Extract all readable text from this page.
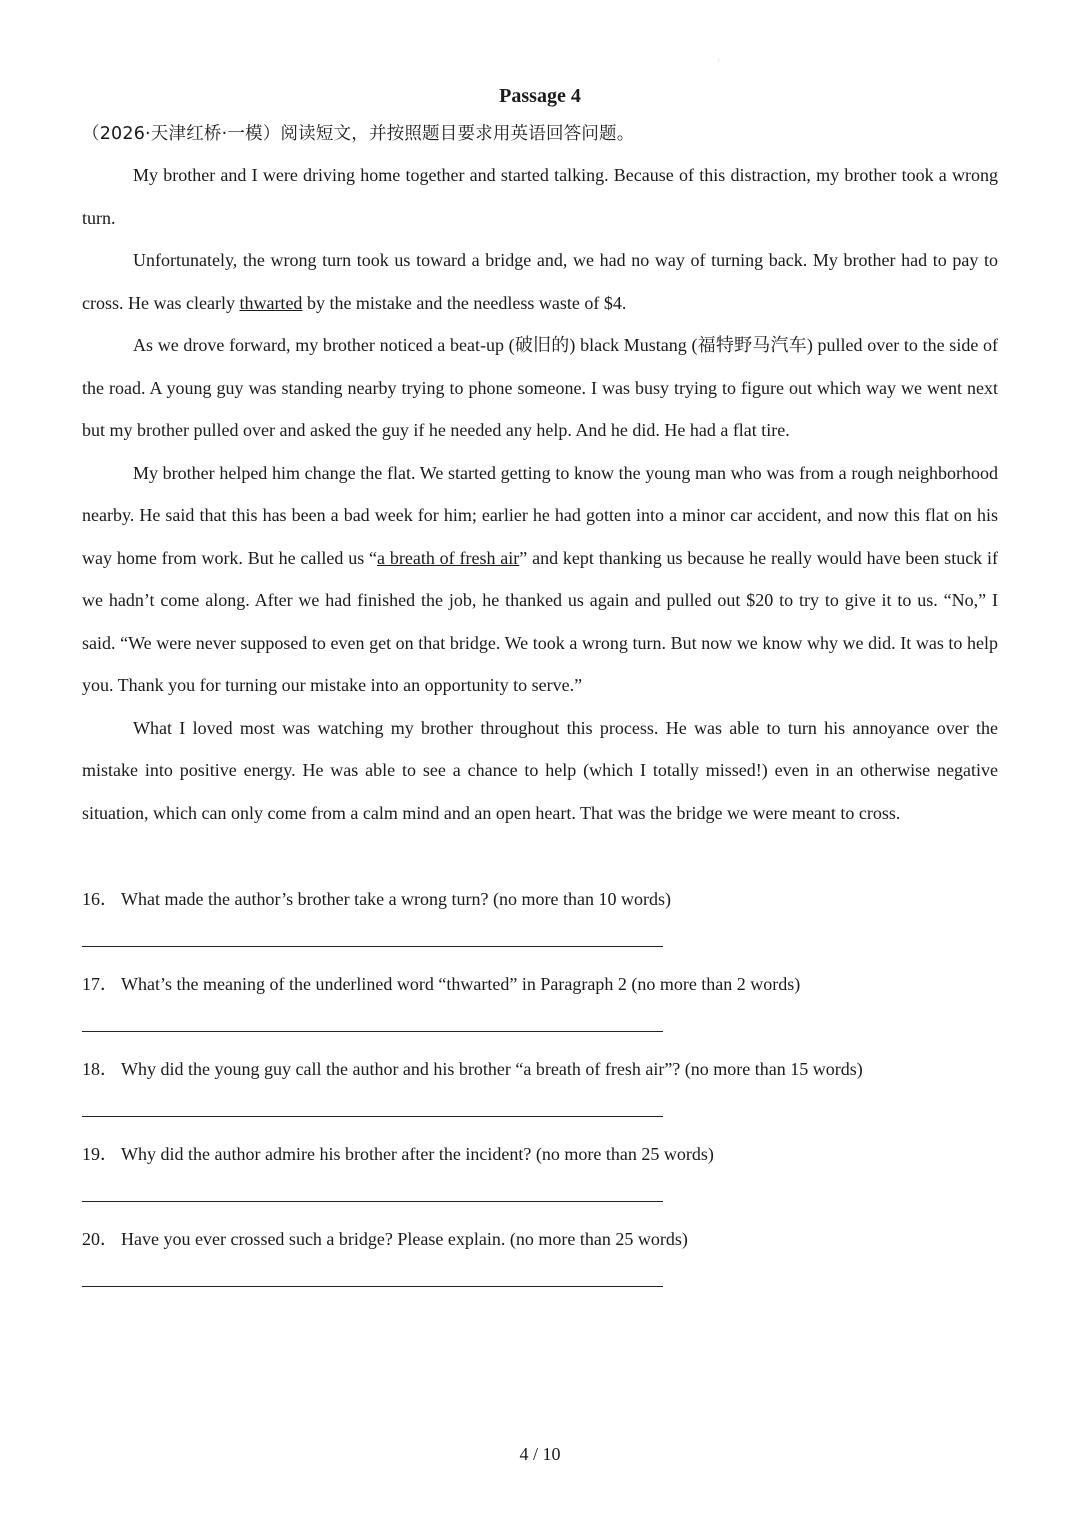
:
Passage 4
（2026·天津红桥·一模）阅读短文，并按照题目要求用英语回答问题。

My brother and I were driving home together and started talking. Because of this distraction, my brother took a wrong turn.

Unfortunately, the wrong turn took us toward a bridge and, we had no way of turning back. My brother had to pay to cross. He was clearly thwarted by the mistake and the needless waste of $4.

As we drove forward, my brother noticed a beat-up (破旧的) black Mustang (福特野马汽车) pulled over to the side of the road. A young guy was standing nearby trying to phone someone. I was busy trying to figure out which way we went next but my brother pulled over and asked the guy if he needed any help. And he did. He had a flat tire.

My brother helped him change the flat. We started getting to know the young man who was from a rough neighborhood nearby. He said that this has been a bad week for him; earlier he had gotten into a minor car accident, and now this flat on his way home from work. But he called us “a breath of fresh air” and kept thanking us because he really would have been stuck if we hadn’t come along. After we had finished the job, he thanked us again and pulled out $20 to try to give it to us. “No,” I said. “We were never supposed to even get on that bridge. We took a wrong turn. But now we know why we did. It was to help you. Thank you for turning our mistake into an opportunity to serve.”

What I loved most was watching my brother throughout this process. He was able to turn his annoyance over the mistake into positive energy. He was able to see a chance to help (which I totally missed!) even in an otherwise negative situation, which can only come from a calm mind and an open heart. That was the bridge we were meant to cross.

16． What made the author’s brother take a wrong turn? (no more than 10 words)
17． What’s the meaning of the underlined word “thwarted” in Paragraph 2 (no more than 2 words)
18． Why did the young guy call the author and his brother “a breath of fresh air”? (no more than 15 words)
19． Why did the author admire his brother after the incident? (no more than 25 words)
20． Have you ever crossed such a bridge? Please explain. (no more than 25 words)
4 / 10
